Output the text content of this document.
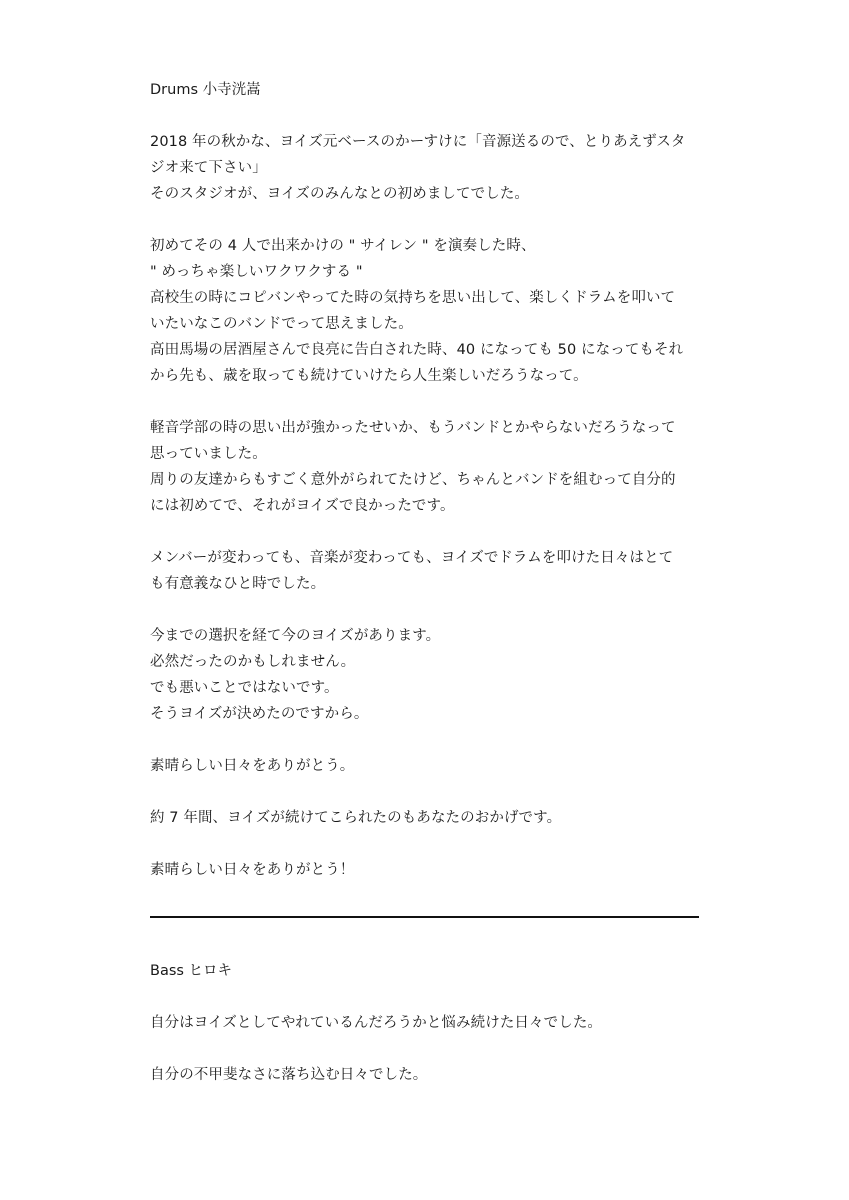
Drums 小寺洸嵩
2018 年の秋かな、ヨイズ元ベースのかーすけに「音源送るので、とりあえずスタ
ジオ来て下さい」
そのスタジオが、ヨイズのみんなとの初めましてでした。
初めてその 4 人で出来かけの " サイレン " を演奏した時、
" めっちゃ楽しいワクワクする "
高校生の時にコピバンやってた時の気持ちを思い出して、楽しくドラムを叩いて
いたいなこのバンドでって思えました。
高田馬場の居酒屋さんで良亮に告白された時、40 になっても 50 になってもそれ
から先も、歳を取っても続けていけたら人生楽しいだろうなって。
軽音学部の時の思い出が強かったせいか、もうバンドとかやらないだろうなって
思っていました。
周りの友達からもすごく意外がられてたけど、ちゃんとバンドを組むって自分的
には初めてで、それがヨイズで良かったです。
メンバーが変わっても、音楽が変わっても、ヨイズでドラムを叩けた日々はとて
も有意義なひと時でした。
今までの選択を経て今のヨイズがあります。
必然だったのかもしれません。
でも悪いことではないです。
そうヨイズが決めたのですから。
素晴らしい日々をありがとう。
約 7 年間、ヨイズが続けてこられたのもあなたのおかげです。
素晴らしい日々をありがとう！
Bass ヒロキ
自分はヨイズとしてやれているんだろうかと悩み続けた日々でした。
自分の不甲斐なさに落ち込む日々でした。
